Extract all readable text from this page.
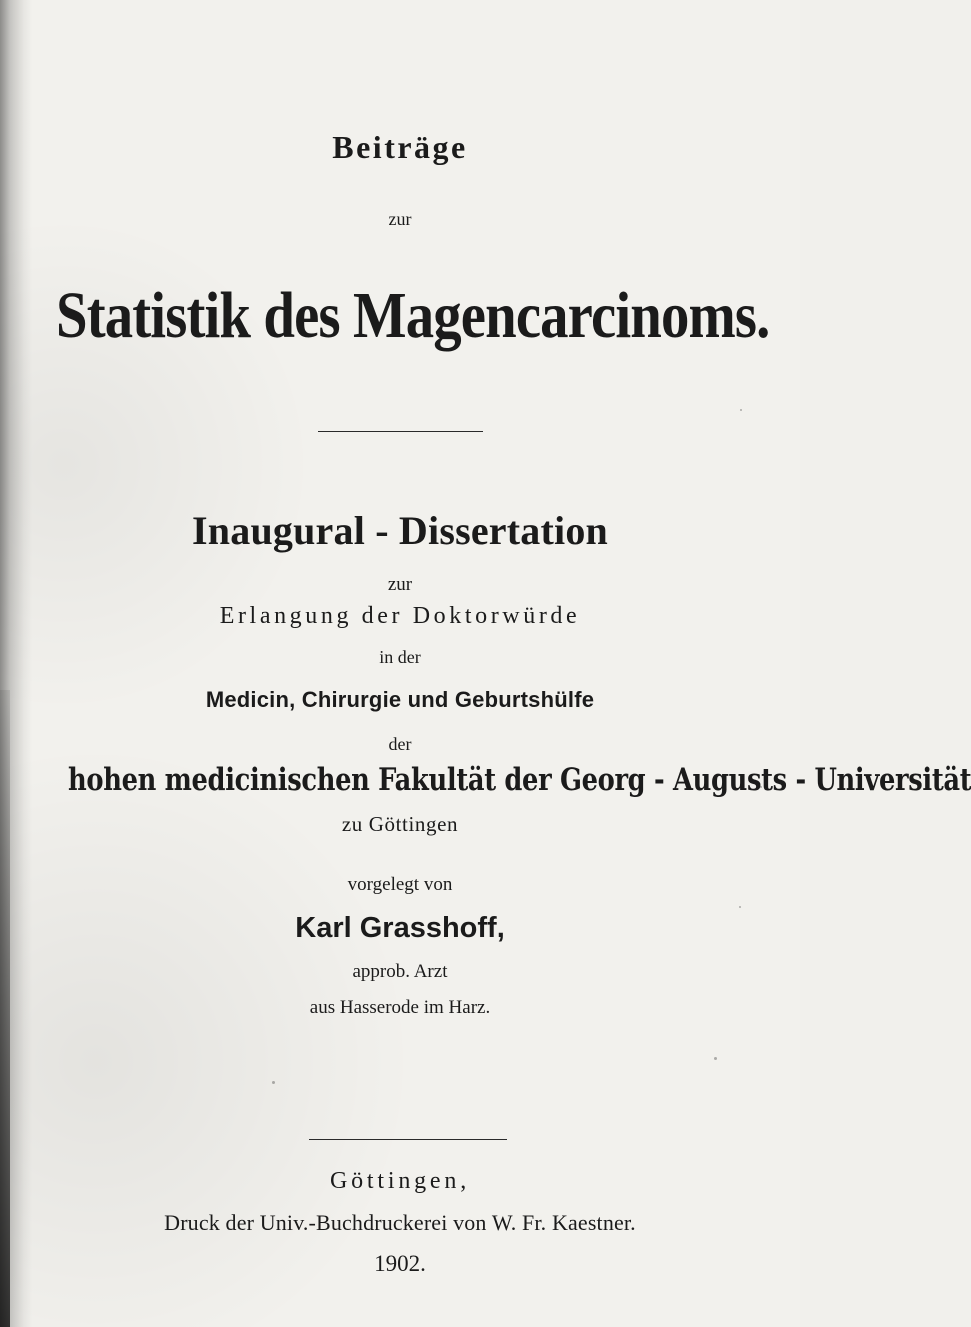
Beiträge
zur
Statistik des Magencarcinoms.
Inaugural - Dissertation
zur
Erlangung der Doktorwürde
in der
Medicin, Chirurgie und Geburtshülfe
der
hohen medicinischen Fakultät der Georg - Augusts - Universität
zu Göttingen
vorgelegt von
Karl Grasshoff,
approb. Arzt
aus Hasserode im Harz.
Göttingen,
Druck der Univ.-Buchdruckerei von W. Fr. Kaestner.
1902.
